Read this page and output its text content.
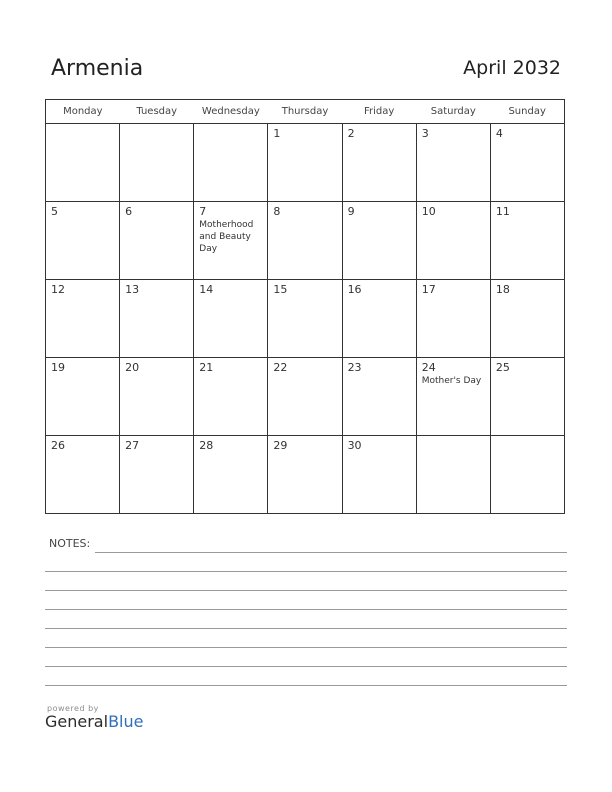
Armenia	April 2032
Monday	Tuesday	Wednesday	Thursday	Friday	Saturday	Sunday

			1	2	3	4

5	6	7
Motherhood and Beauty Day	8	9	10	11

12	13	14	15	16	17	18

19	20	21	22	23	24
Mother's Day	25

26	27	28	29	30		

NOTES:
powered by
GeneralBlue
